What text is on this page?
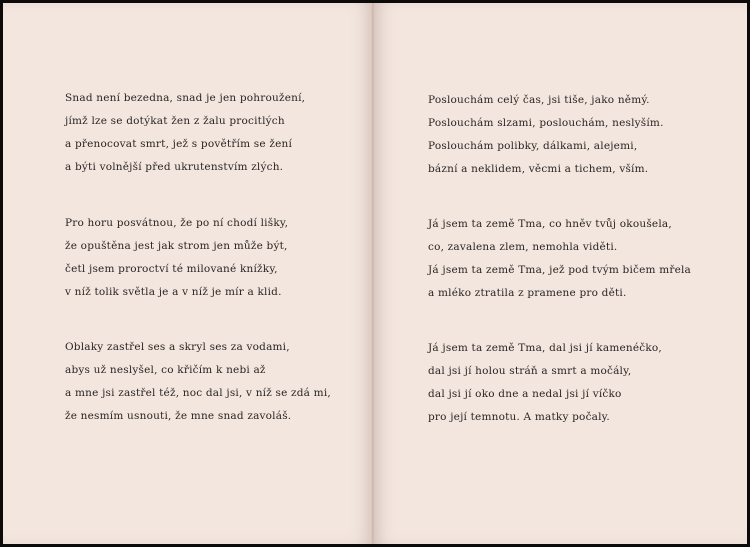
Snad není bezedna, snad je jen pohroužení,
jímž lze se dotýkat žen z žalu procitlých
a přenocovat smrt, jež s povětřím se žení
a býti volnější před ukrutenstvím zlých.
Pro horu posvátnou, že po ní chodí lišky,
že opuštěna jest jak strom jen může být,
četl jsem proroctví té milované knížky,
v níž tolik světla je a v níž je mír a klid.
Oblaky zastřel ses a skryl ses za vodami,
abys už neslyšel, co křičím k nebi až
a mne jsi zastřel též, noc dal jsi, v níž se zdá mi,
že nesmím usnouti, že mne snad zavoláš.
Poslouchám celý čas, jsi tiše, jako němý.
Poslouchám slzami, poslouchám, neslyším.
Poslouchám polibky, dálkami, alejemi,
bázní a neklidem, věcmi a tichem, vším.
Já jsem ta země Tma, co hněv tvůj okoušela,
co, zavalena zlem, nemohla viděti.
Já jsem ta země Tma, jež pod tvým bičem mřela
a mléko ztratila z pramene pro děti.
Já jsem ta země Tma, dal jsi jí kamenéčko,
dal jsi jí holou stráň a smrt a močály,
dal jsi jí oko dne a nedal jsi jí víčko
pro její temnotu. A matky počaly.
